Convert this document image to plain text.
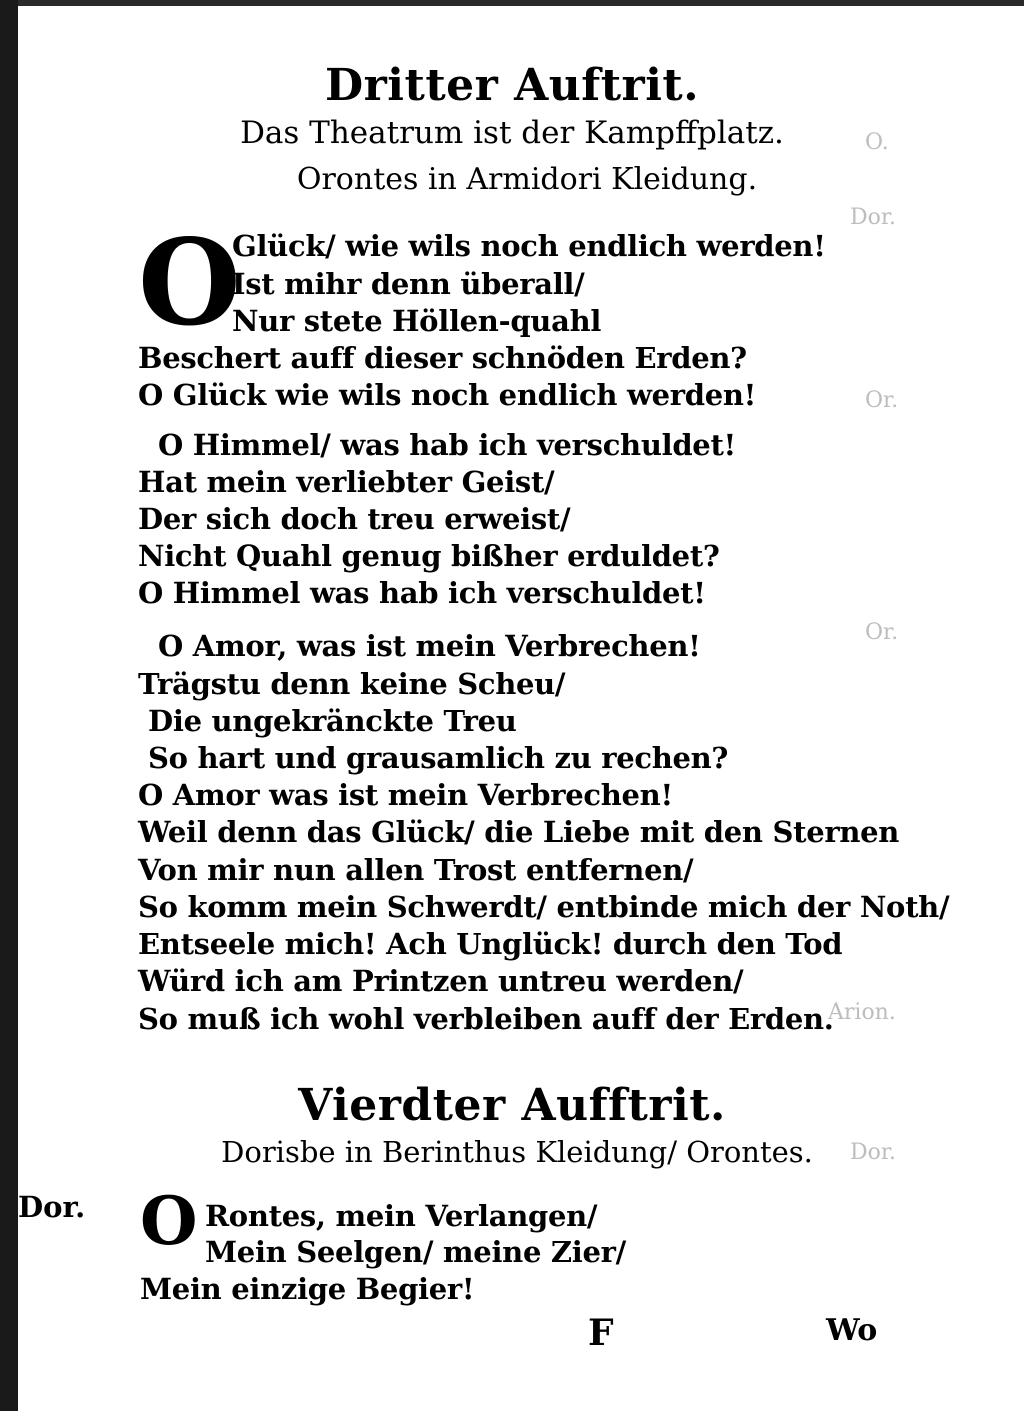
O.
Dor.
Or.
Or.
Arion.
Dor.
Dritter Auftrit.
Das Theatrum ist der Kampffplatz.
Orontes in Armidori Kleidung.
O
Glück/ wie wils noch endlich werden!
Ist mihr denn überall/
Nur stete Höllen-quahl
Beschert auff dieser schnöden Erden?
O Glück wie wils noch endlich werden!
O Himmel/ was hab ich verschuldet!
Hat mein verliebter Geist/
Der sich doch treu erweist/
Nicht Quahl genug bißher erduldet?
O Himmel was hab ich verschuldet!
O Amor, was ist mein Verbrechen!
Trägstu denn keine Scheu/
Die ungekränckte Treu
So hart und grausamlich zu rechen?
O Amor was ist mein Verbrechen!
Weil denn das Glück/ die Liebe mit den Sternen
Von mir nun allen Trost entfernen/
So komm mein Schwerdt/ entbinde mich der Noth/
Entseele mich! Ach Unglück! durch den Tod
Würd ich am Printzen untreu werden/
So muß ich wohl verbleiben auff der Erden.
Vierdter Aufftrit.
Dorisbe in Berinthus Kleidung/ Orontes.
Dor. O Rontes, mein Verlangen/
Mein Seelgen/ meine Zier/
Mein einzige Begier!
F	Wo
